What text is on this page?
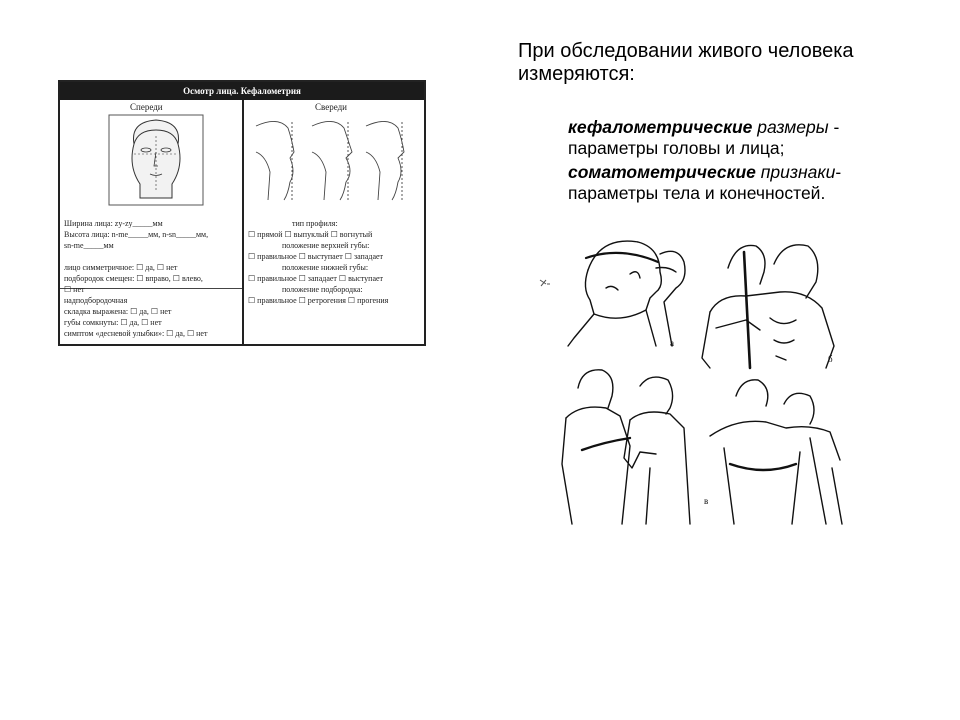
При обследовании живого человека измеряются:
кефалометрические размеры - параметры головы и лица;
соматометрические признаки-параметры тела и конечностей.
Осмотр лица. Кефалометрия
Спереди	Свереди
Ширина лица: zy-zy_____мм
Высота лица: n-me_____мм, n-sn_____мм,
sn-me_____мм
лицо симметричное: ☐ да, ☐ нет
подбородок смещен: ☐ вправо, ☐ влево,
☐ нет
надподбородочная
складка выражена: ☐ да, ☐ нет
губы сомкнуты: ☐ да, ☐ нет
симптом «десневой улыбки»: ☐ да, ☐ нет
тип профиля:
☐ прямой ☐ выпуклый ☐ вогнутый
положение верхней губы:
☐ правильное ☐ выступает ☐ западает
положение нижней губы:
☐ правильное ☐ западает ☐ выступает
положение подбородка:
☐ правильное ☐ ретрогения ☐ прогения
а
б
в
